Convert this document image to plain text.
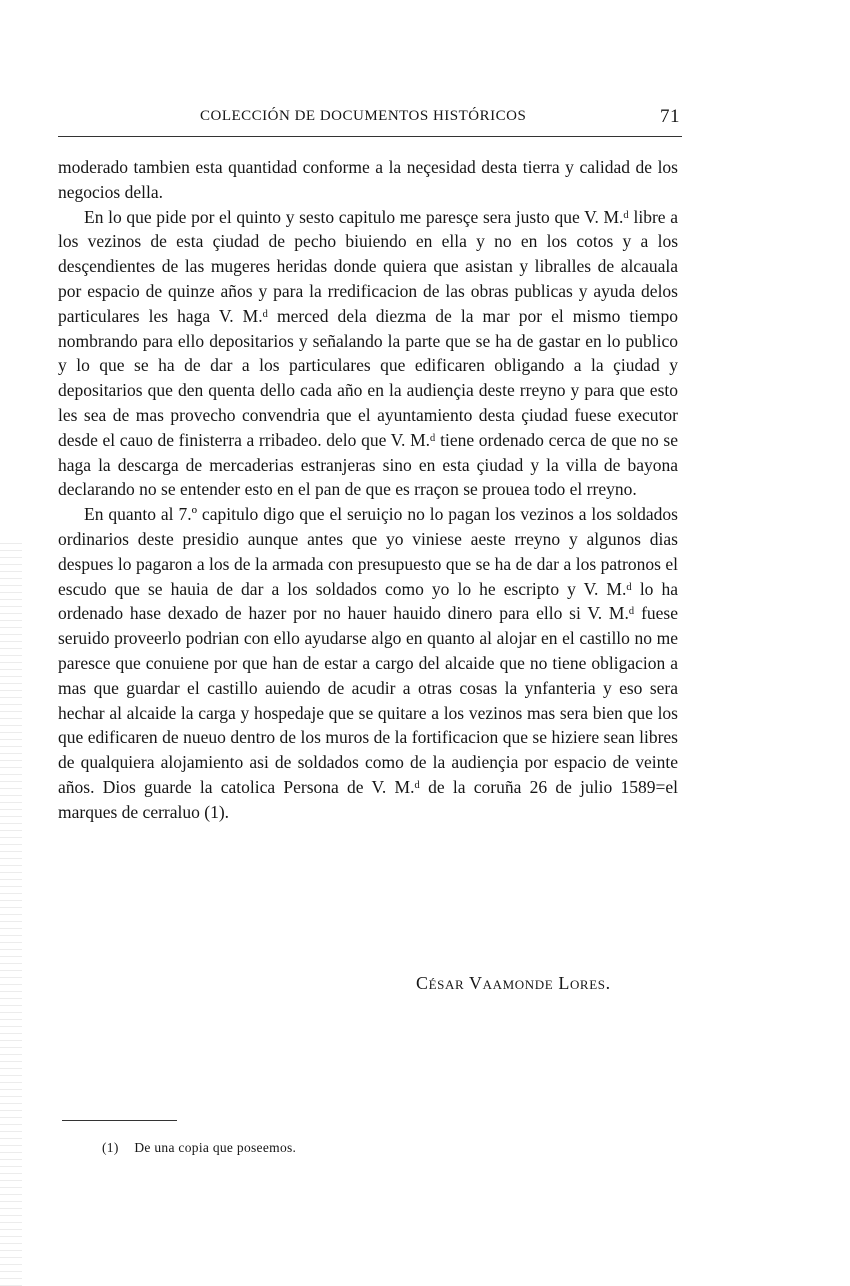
COLECCIÓN DE DOCUMENTOS HISTÓRICOS	71

moderado tambien esta quantidad conforme a la neçesidad desta tierra y calidad de los negocios della.

En lo que pide por el quinto y sesto capitulo me paresçe sera justo que V. M.ᵈ libre a los vezinos de esta çiudad de pecho biuiendo en ella y no en los cotos y a los desçendientes de las mugeres heridas donde quiera que asistan y libralles de alcauala por espacio de quinze años y para la rredificacion de las obras publicas y ayuda delos particulares les haga V. M.ᵈ merced dela diezma de la mar por el mismo tiempo nombrando para ello depositarios y señalando la parte que se ha de gastar en lo publico y lo que se ha de dar a los particulares que edificaren obligando a la çiudad y depositarios que den quenta dello cada año en la audiençia deste rreyno y para que esto les sea de mas provecho convendria que el ayuntamiento desta çiudad fuese executor desde el cauo de finisterra a rribadeo. delo que V. M.ᵈ tiene ordenado cerca de que no se haga la descarga de mercaderias estranjeras sino en esta çiudad y la villa de bayona declarando no se entender esto en el pan de que es rraçon se prouea todo el rreyno.

En quanto al 7.º capitulo digo que el seruiçio no lo pagan los vezinos a los soldados ordinarios deste presidio aunque antes que yo viniese aeste rreyno y algunos dias despues lo pagaron a los de la armada con presupuesto que se ha de dar a los patronos el escudo que se hauia de dar a los soldados como yo lo he escripto y V. M.ᵈ lo ha ordenado hase dexado de hazer por no hauer hauido dinero para ello si V. M.ᵈ fuese seruido proveerlo podrian con ello ayudarse algo en quanto al alojar en el castillo no me paresce que conuiene por que han de estar a cargo del alcaide que no tiene obligacion a mas que guardar el castillo auiendo de acudir a otras cosas la ynfanteria y eso sera hechar al alcaide la carga y hospedaje que se quitare a los vezinos mas sera bien que los que edificaren de nueuo dentro de los muros de la fortificacion que se hiziere sean libres de qualquiera alojamiento asi de soldados como de la audiençia por espacio de veinte años. Dios guarde la catolica Persona de V. M.ᵈ de la coruña 26 de julio 1589=el marques de cerraluo (1).

César Vaamonde Lores.
(1) De una copia que poseemos.
